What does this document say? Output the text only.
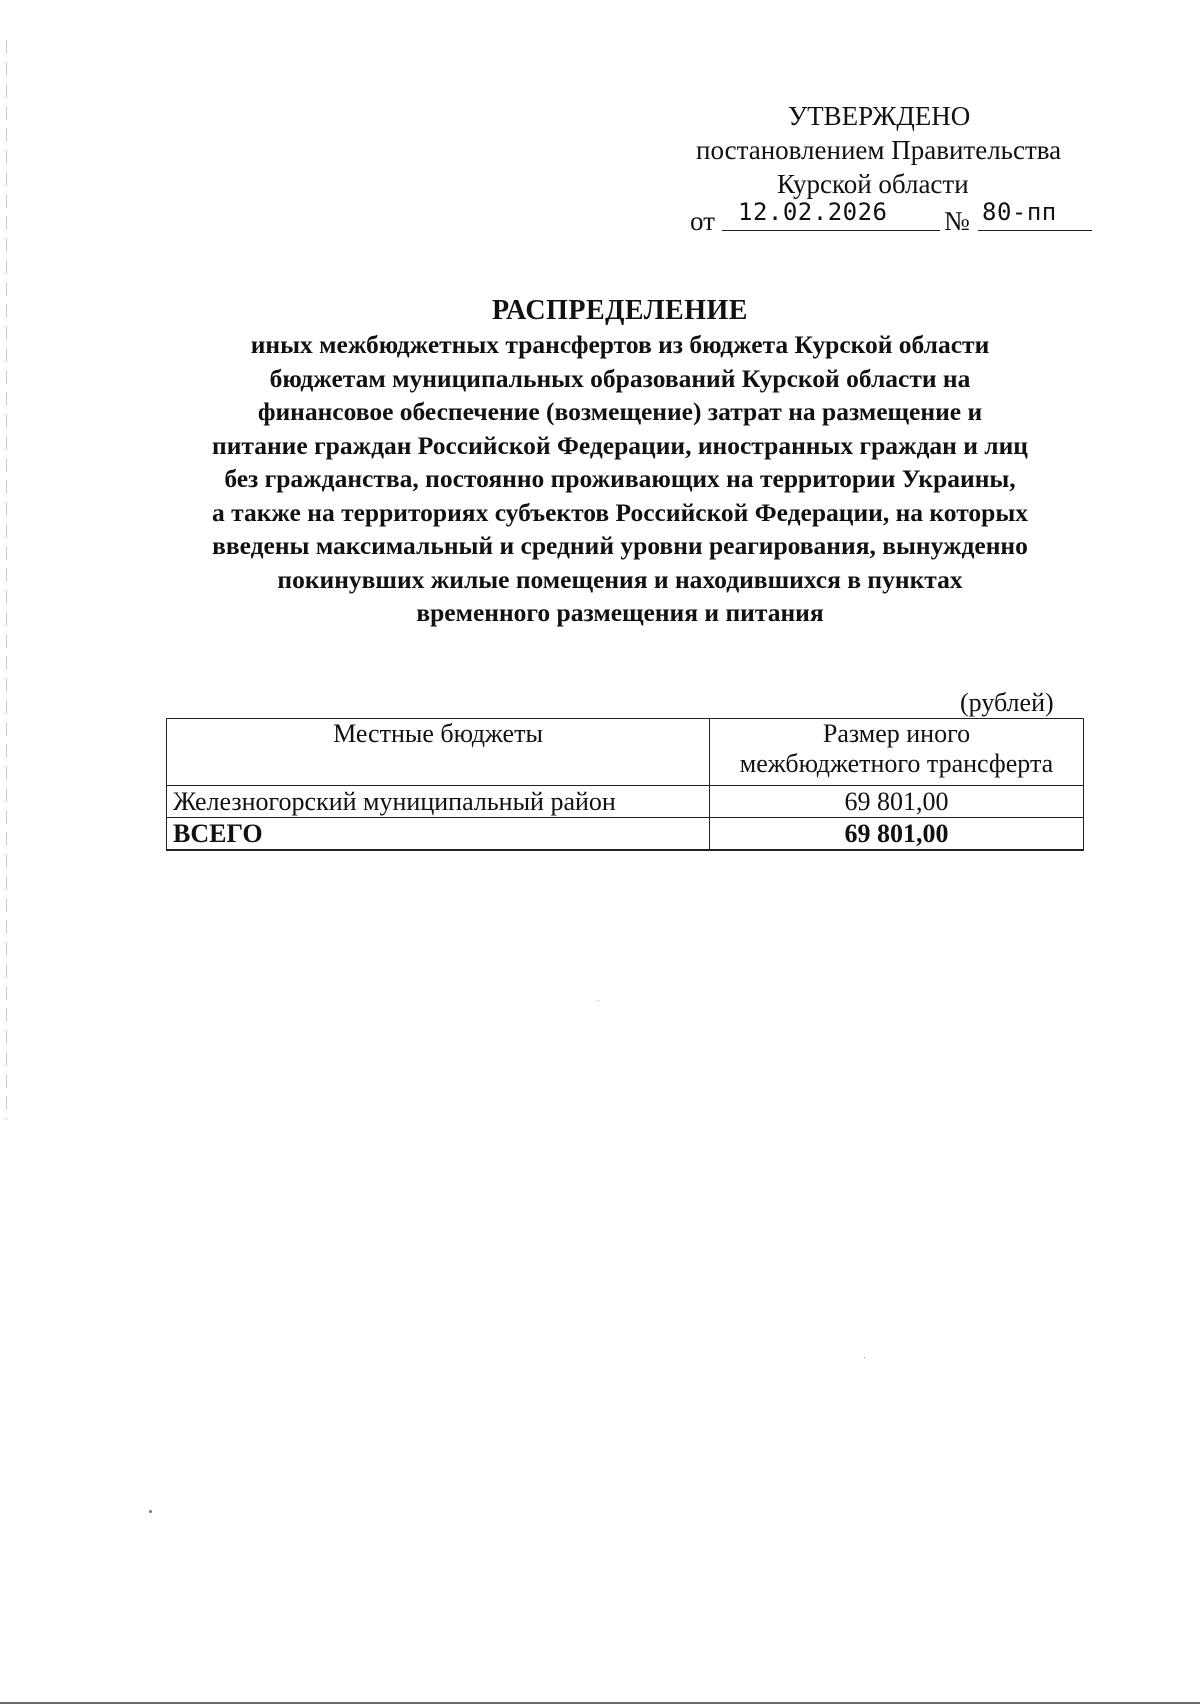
УТВЕРЖДЕНО
постановлением Правительства
Курской области
от 12.02.2026 № 80-пп
РАСПРЕДЕЛЕНИЕ
иных межбюджетных трансфертов из бюджета Курской области
бюджетам муниципальных образований Курской области на
финансовое обеспечение (возмещение) затрат на размещение и
питание граждан Российской Федерации, иностранных граждан и лиц
без гражданства, постоянно проживающих на территории Украины,
а также на территориях субъектов Российской Федерации, на которых
введены максимальный и средний уровни реагирования, вынужденно
покинувших жилые помещения и находившихся в пунктах
временного размещения и питания
(рублей)
Местные бюджеты	Размер иного
межбюджетного трансферта

Железногорский муниципальный район	69 801,00
ВСЕГО	69 801,00
